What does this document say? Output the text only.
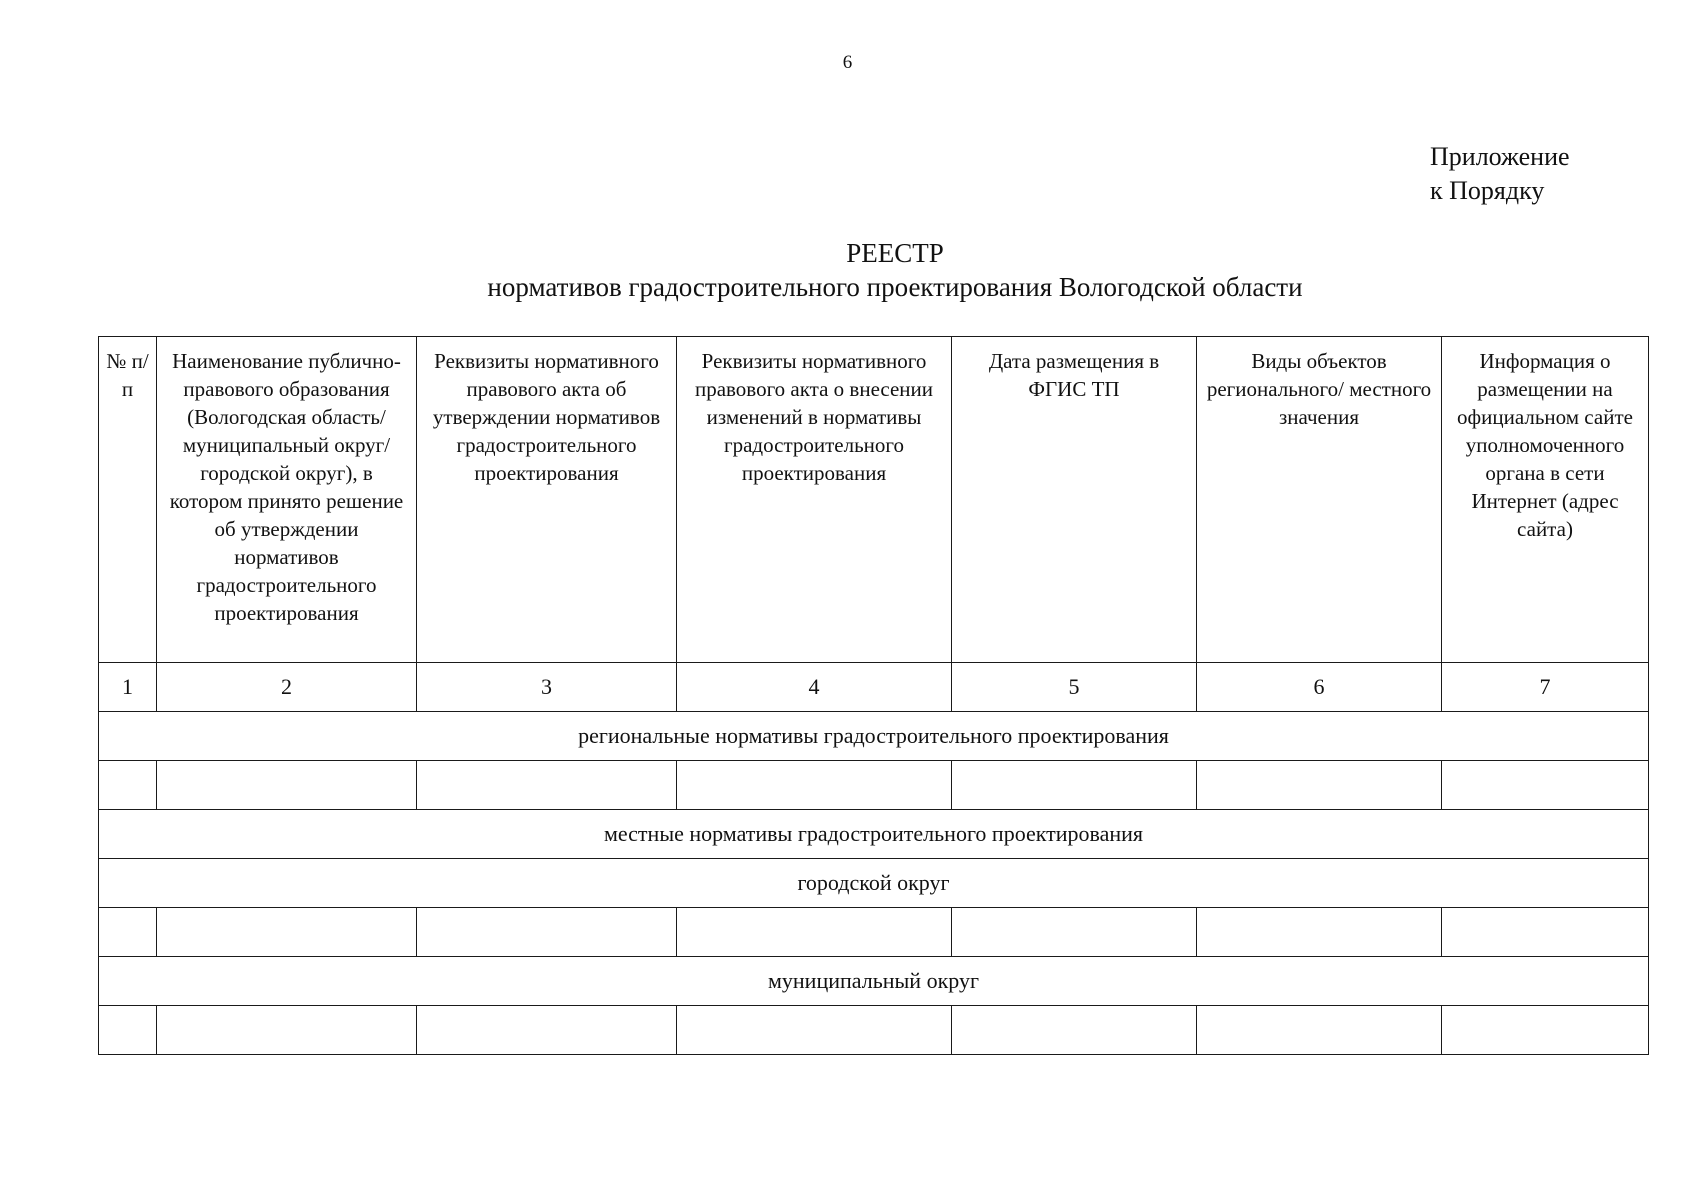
6
Приложение
к Порядку
РЕЕСТР
нормативов градостроительного проектирования Вологодской области
№ п/п	Наименование публично-правового образования (Вологодская область/ муниципальный округ/ городской округ), в котором принято решение об утверждении нормативов градостроительного проектирования	Реквизиты нормативного правового акта об утверждении нормативов градостроительного проектирования	Реквизиты нормативного правового акта о внесении изменений в нормативы градостроительного проектирования	Дата размещения в ФГИС ТП	Виды объектов регионального/ местного значения	Информация о размещении на официальном сайте уполномоченного органа в сети Интернет (адрес сайта)

1	2	3	4	5	6	7
региональные нормативы градостроительного проектирования						

местные нормативы градостроительного проектирования						
городской округ						

муниципальный округ						
